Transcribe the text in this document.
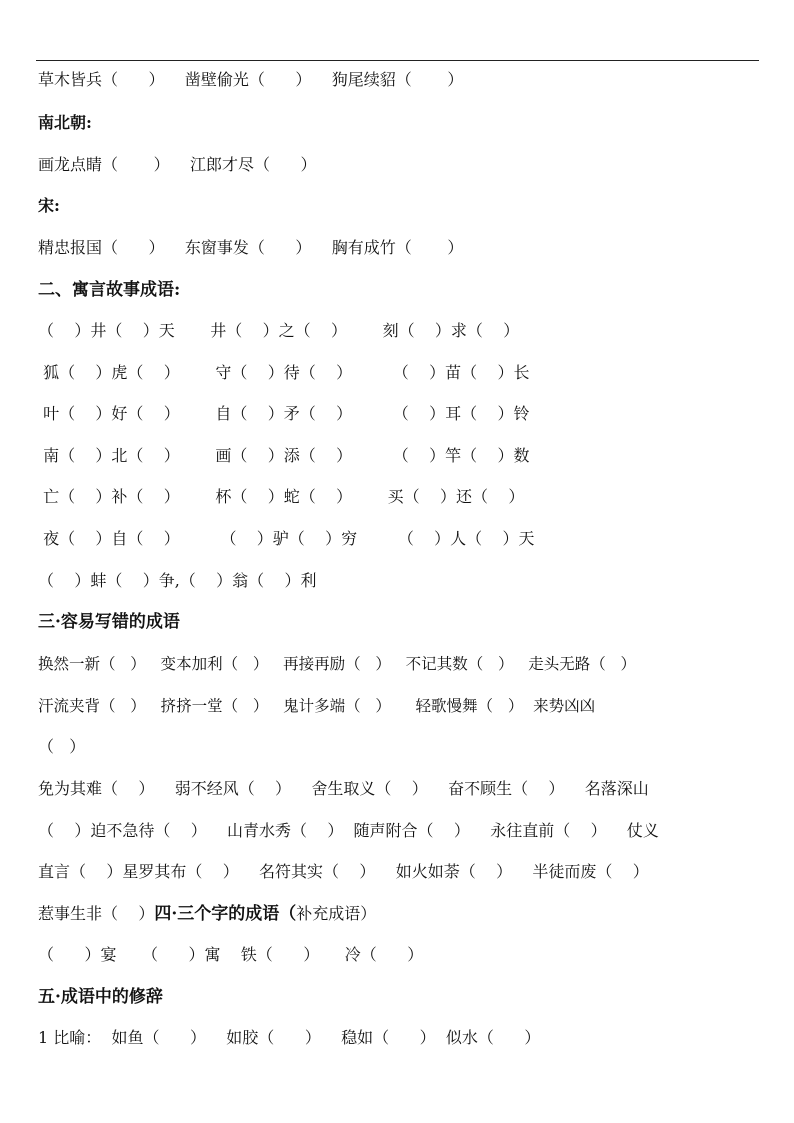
草木皆兵（      ）    凿壁偷光（      ）    狗尾续貂（       ）
南北朝:
画龙点睛（       ）    江郎才尽（      ）
宋:
精忠报国（      ）    东窗事发（      ）    胸有成竹（       ）
二、寓言故事成语:
（    ）井（    ）天       井（    ）之（    ）       刻（    ）求（    ）
狐（    ）虎（    ）       守（    ）待（    ）        （    ）苗（    ）长
叶（    ）好（    ）       自（    ）矛（    ）        （    ）耳（    ）铃
南（    ）北（    ）       画（    ）添（    ）        （    ）竿（    ）数
亡（    ）补（    ）       杯（    ）蛇（    ）       买（    ）还（    ）
夜（    ）自（    ）        （    ）驴（    ）穷        （    ）人（    ）天
（    ）蚌（    ）争,（    ）翁（    ）利
三·容易写错的成语
换然一新（   ）   变本加利（   ）   再接再励（   ）   不记其数（   ）   走头无路（   ）
汗流夹背（   ）   挤挤一堂（   ）   鬼计多端（   ）     轻歌慢舞（   ）  来势凶凶
（   ）
免为其难（    ）    弱不经风（    ）    舍生取义（    ）    奋不顾生（    ）    名落深山
（    ）迫不急待（    ）    山青水秀（    ）  随声附合（    ）    永往直前（    ）    仗义
直言（    ）星罗其布（    ）    名符其实（    ）    如火如荼（    ）    半徒而废（    ）
惹事生非（    ）四·三个字的成语（补充成语）
（      ）宴     （      ）寓    铁（      ）     冷（      ）
五·成语中的修辞
1 比喻：  如鱼（      ）    如胶（      ）    稳如（      ）  似水（      ）
